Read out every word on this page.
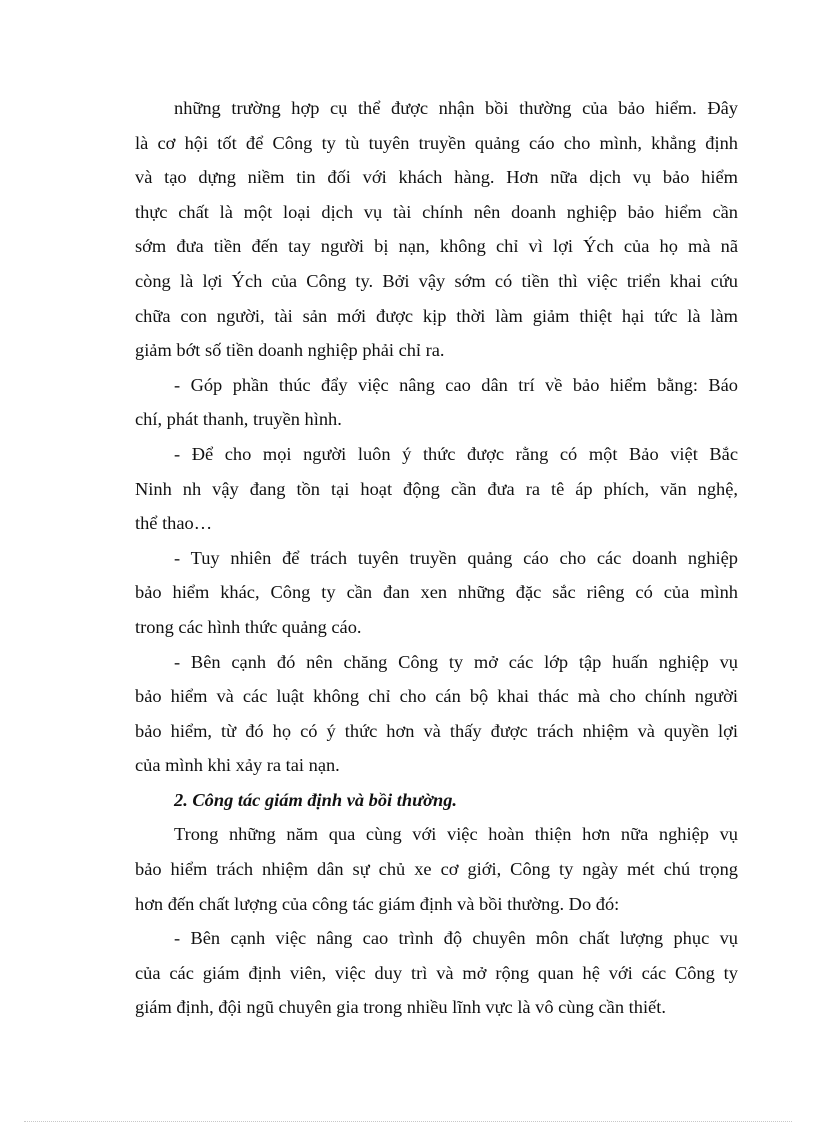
những trường hợp cụ thể được nhận bồi thường của bảo hiểm. Đây
là cơ hội tốt để Công ty tù tuyên truyền quảng cáo cho mình, khẳng định
và tạo dựng niềm tin đối với khách hàng. Hơn nữa dịch vụ bảo hiểm
thực chất là một loại dịch vụ tài chính nên doanh nghiệp bảo hiểm cần
sớm đưa tiền đến tay người bị nạn, không chỉ vì lợi Ých của họ mà nã
còng là lợi Ých của Công ty. Bởi vậy sớm có tiền thì việc triển khai cứu
chữa con người, tài sản mới được kịp thời làm giảm thiệt hại tức là làm
giảm bớt số tiền doanh nghiệp phải chỉ ra.
- Góp phần thúc đẩy việc nâng cao dân trí về bảo hiểm bằng: Báo
chí, phát thanh, truyền hình.
- Để cho mọi người luôn ý thức được rằng có một Bảo việt Bắc
Ninh nh vậy đang tồn tại hoạt động cần đưa ra tê áp phích, văn nghệ,
thể thao…
- Tuy nhiên để trách tuyên truyền quảng cáo cho các doanh nghiệp
bảo hiểm khác, Công ty cần đan xen những đặc sắc riêng có của mình
trong các hình thức quảng cáo.
- Bên cạnh đó nên chăng Công ty mở các lớp tập huấn nghiệp vụ
bảo hiểm và các luật không chỉ cho cán bộ khai thác mà cho chính người
bảo hiểm, từ đó họ có ý thức hơn và thấy được trách nhiệm và quyền lợi
của mình khi xảy ra tai nạn.
2. Công tác giám định và bồi thường.
Trong những năm qua cùng với việc hoàn thiện hơn nữa nghiệp vụ
bảo hiểm trách nhiệm dân sự chủ xe cơ giới, Công ty ngày mét chú trọng
hơn đến chất lượng của công tác giám định và bồi thường. Do đó:
- Bên cạnh việc nâng cao trình độ chuyên môn chất lượng phục vụ
của các giám định viên, việc duy trì và mở rộng quan hệ với các Công ty
giám định, đội ngũ chuyên gia trong nhiều lĩnh vực là vô cùng cần thiết.
